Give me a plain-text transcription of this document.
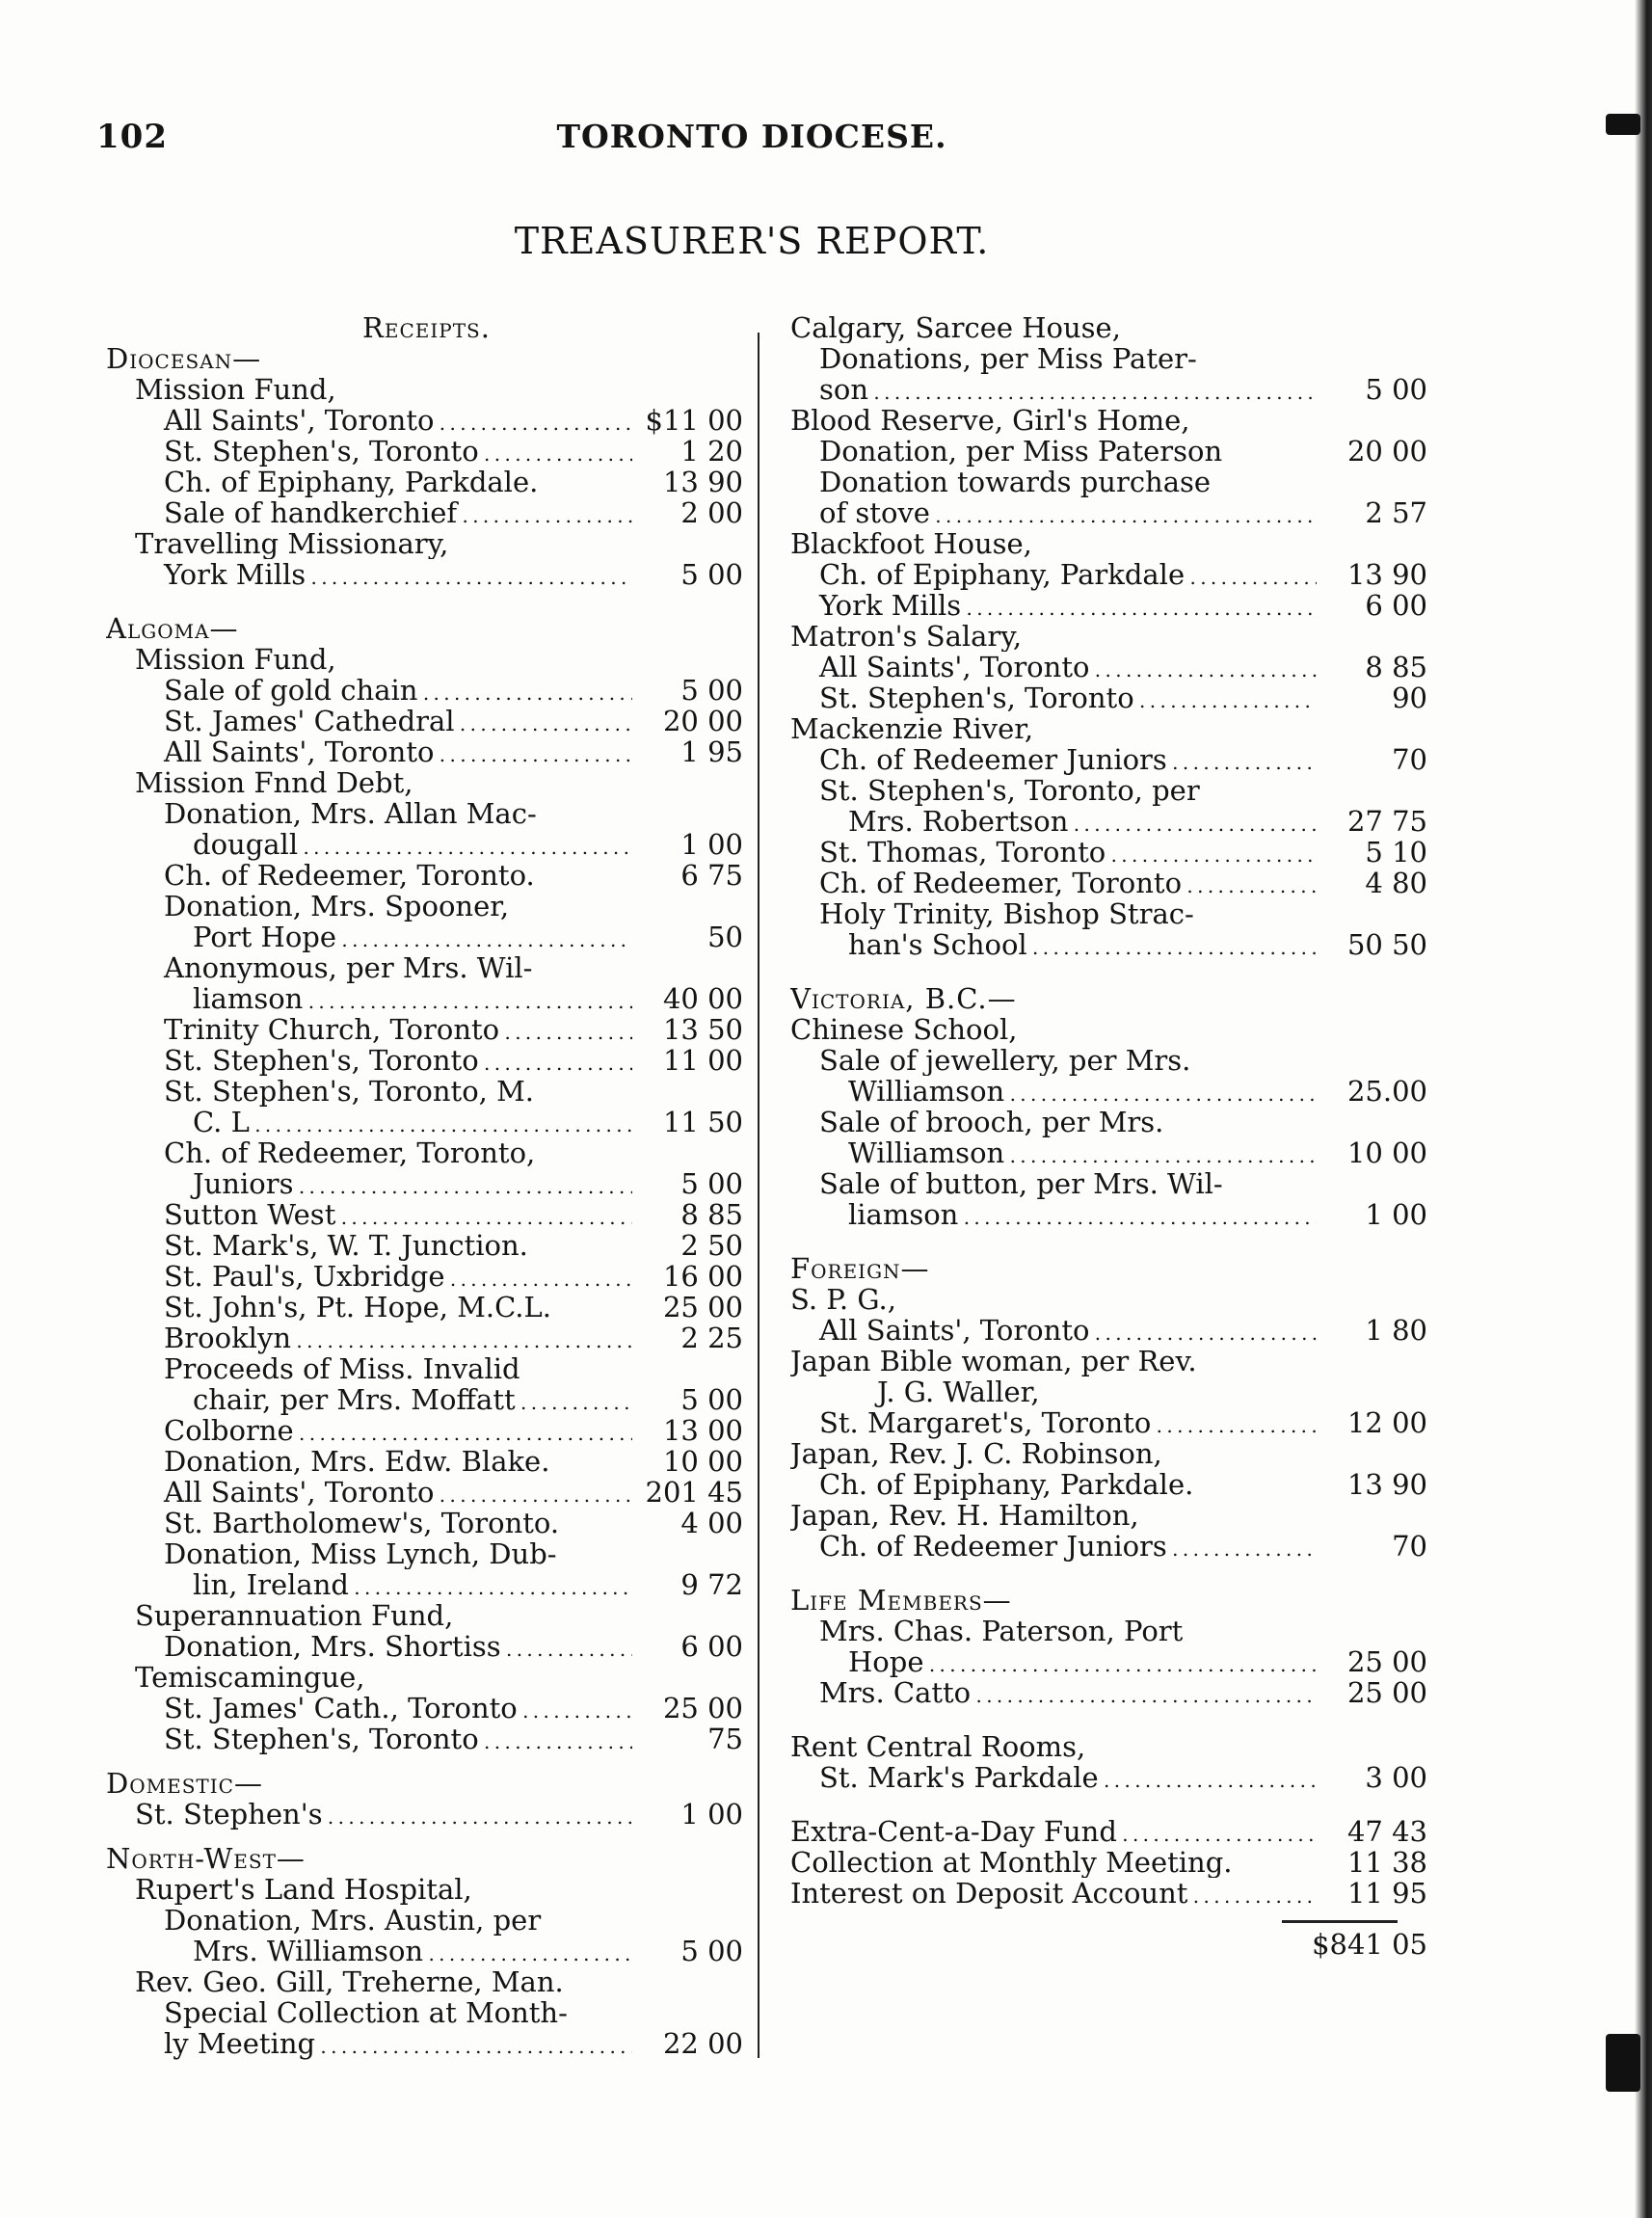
102	TORONTO DIOCESE.
TREASURER'S REPORT.
Receipts.
Diocesan—
Mission Fund,
All Saints', Toronto . . .	$11 00
St. Stephen's, Toronto . . .	1 20
Ch. of Epiphany, Parkdale.	13 90
Sale of handkerchief . . .	2 00
Travelling Missionary,
York Mills . . .	5 00
Algoma—
Mission Fund,
Sale of gold chain . . .	5 00
St. James' Cathedral . . .	20 00
All Saints', Toronto . . .	1 95
Mission Fnnd Debt,
Donation, Mrs. Allan Mac-
dougall . . .	1 00
Ch. of Redeemer, Toronto.	6 75
Donation, Mrs. Spooner,
Port Hope . . .	50
Anonymous, per Mrs. Wil-
liamson . . .	40 00
Trinity Church, Toronto . . .	13 50
St. Stephen's, Toronto . . .	11 00
St. Stephen's, Toronto, M.
C. L . . .	11 50
Ch. of Redeemer, Toronto,
Juniors . . .	5 00
Sutton West . . .	8 85
St. Mark's, W. T. Junction.	2 50
St. Paul's, Uxbridge . . .	16 00
St. John's, Pt. Hope, M.C.L.	25 00
Brooklyn . . .	2 25
Proceeds of Miss. Invalid
chair, per Mrs. Moffatt . . .	5 00
Colborne . . .	13 00
Donation, Mrs. Edw. Blake.	10 00
All Saints', Toronto . . .	201 45
St. Bartholomew's, Toronto.	4 00
Donation, Miss Lynch, Dub-
lin, Ireland . . .	9 72
Superannuation Fund,
Donation, Mrs. Shortiss . . .	6 00
Temiscamingue,
St. James' Cath., Toronto . . .	25 00
St. Stephen's, Toronto . . .	75
Domestic—
St. Stephen's . . .	1 00
North-West—
Rupert's Land Hospital,
Donation, Mrs. Austin, per
Mrs. Williamson . . .	5 00
Rev. Geo. Gill, Treherne, Man.
Special Collection at Month-
ly Meeting . . .	22 00
Calgary, Sarcee House,
Donations, per Miss Pater-
son . . .	5 00
Blood Reserve, Girl's Home,
Donation, per Miss Paterson	20 00
Donation towards purchase
of stove . . .	2 57
Blackfoot House,
Ch. of Epiphany, Parkdale . . .	13 90
York Mills . . .	6 00
Matron's Salary,
All Saints', Toronto . . .	8 85
St. Stephen's, Toronto . . .	90
Mackenzie River,
Ch. of Redeemer Juniors . . .	70
St. Stephen's, Toronto, per
Mrs. Robertson . . .	27 75
St. Thomas, Toronto . . .	5 10
Ch. of Redeemer, Toronto . . .	4 80
Holy Trinity, Bishop Strac-
han's School . . .	50 50
Victoria, B.C.—
Chinese School,
Sale of jewellery, per Mrs.
Williamson . . .	25.00
Sale of brooch, per Mrs.
Williamson . . .	10 00
Sale of button, per Mrs. Wil-
liamson . . .	1 00
Foreign—
S. P. G.,
All Saints', Toronto . . .	1 80
Japan Bible woman, per Rev.
J. G. Waller,
St. Margaret's, Toronto . . .	12 00
Japan, Rev. J. C. Robinson,
Ch. of Epiphany, Parkdale.	13 90
Japan, Rev. H. Hamilton,
Ch. of Redeemer Juniors . . .	70
Life Members—
Mrs. Chas. Paterson, Port
Hope . . .	25 00
Mrs. Catto . . .	25 00
Rent Central Rooms,
St. Mark's Parkdale . . .	3 00
Extra-Cent-a-Day Fund . . .	47 43
Collection at Monthly Meeting.	11 38
Interest on Deposit Account . . .	11 95
$841 05
